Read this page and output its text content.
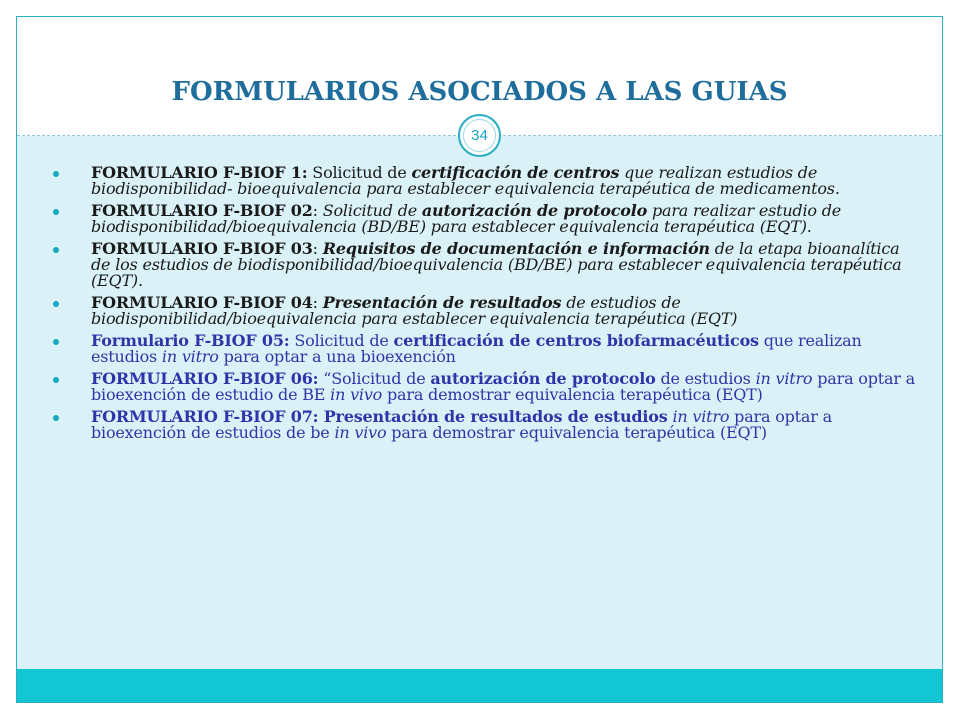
FORMULARIOS ASOCIADOS A LAS GUIAS
34
FORMULARIO F-BIOF 1: Solicitud de certificación de centros que realizan estudios de biodisponibilidad- bioequivalencia para establecer equivalencia terapéutica de medicamentos.
FORMULARIO F-BIOF 02: Solicitud de autorización de protocolo para realizar estudio de biodisponibilidad/bioequivalencia (BD/BE) para establecer equivalencia terapéutica (EQT).
FORMULARIO F-BIOF 03: Requisitos de documentación e información de la etapa bioanalítica de los estudios de biodisponibilidad/bioequivalencia (BD/BE) para establecer equivalencia terapéutica (EQT).
FORMULARIO F-BIOF 04: Presentación de resultados de estudios de biodisponibilidad/bioequivalencia para establecer equivalencia terapéutica (EQT)
Formulario F-BIOF 05: Solicitud de certificación de centros biofarmacéuticos que realizan estudios in vitro para optar a una bioexención
FORMULARIO F-BIOF 06: “Solicitud de autorización de protocolo de estudios in vitro para optar a bioexención de estudio de BE in vivo para demostrar equivalencia terapéutica (EQT)
FORMULARIO F-BIOF 07: Presentación de resultados de estudios in vitro para optar a bioexención de estudios de be in vivo para demostrar equivalencia terapéutica (EQT)
